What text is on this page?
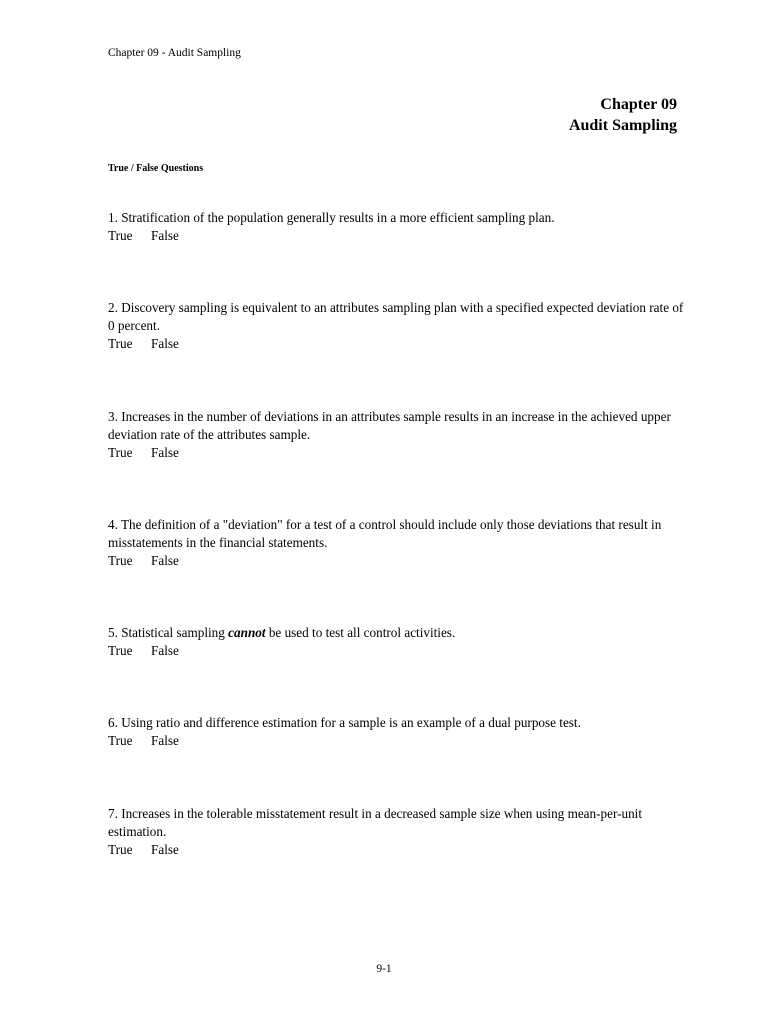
Chapter 09 - Audit Sampling
Chapter 09
Audit Sampling
True / False Questions
1. Stratification of the population generally results in a more efficient sampling plan.
True False
2. Discovery sampling is equivalent to an attributes sampling plan with a specified expected deviation rate of 0 percent.
True False
3. Increases in the number of deviations in an attributes sample results in an increase in the achieved upper deviation rate of the attributes sample.
True False
4. The definition of a "deviation" for a test of a control should include only those deviations that result in misstatements in the financial statements.
True False
5. Statistical sampling cannot be used to test all control activities.
True False
6. Using ratio and difference estimation for a sample is an example of a dual purpose test.
True False
7. Increases in the tolerable misstatement result in a decreased sample size when using mean-per-unit estimation.
True False
9-1
